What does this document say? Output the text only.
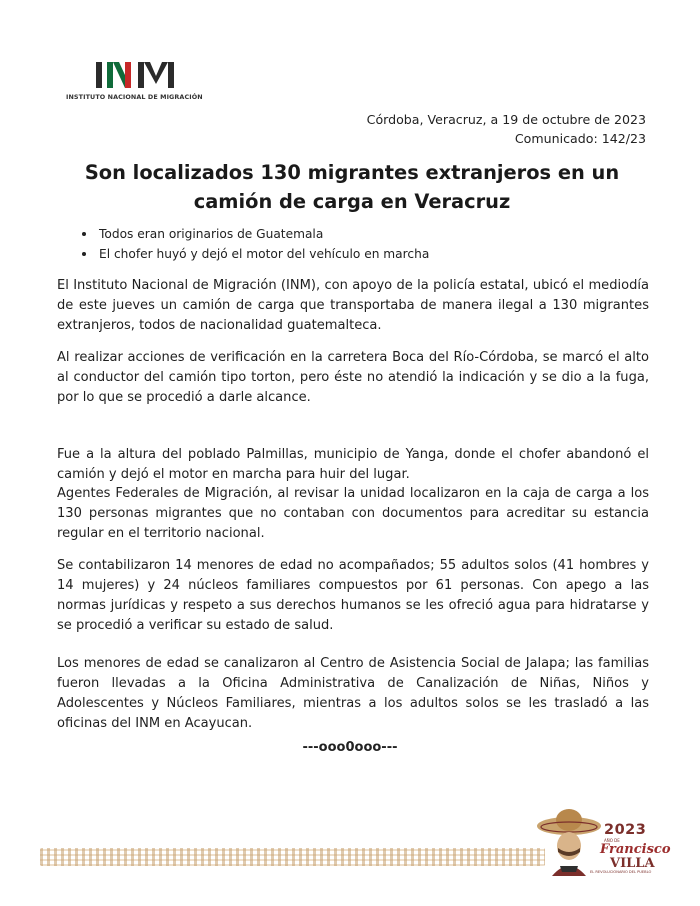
INSTITUTO NACIONAL DE MIGRACIÓN
Córdoba, Veracruz, a 19 de octubre de 2023
Comunicado: 142/23
Son localizados 130 migrantes extranjeros en un camión de carga en Veracruz
Todos eran originarios de Guatemala
El chofer huyó y dejó el motor del vehículo en marcha

El Instituto Nacional de Migración (INM), con apoyo de la policía estatal, ubicó el mediodía de este jueves un camión de carga que transportaba de manera ilegal a 130 migrantes extranjeros, todos de nacionalidad guatemalteca.

Al realizar acciones de verificación en la carretera Boca del Río-Córdoba, se marcó el alto al conductor del camión tipo torton, pero éste no atendió la indicación y se dio a la fuga, por lo que se procedió a darle alcance.

Fue a la altura del poblado Palmillas, municipio de Yanga, donde el chofer abandonó el camión y dejó el motor en marcha para huir del lugar.

Agentes Federales de Migración, al revisar la unidad localizaron en la caja de carga a los 130 personas migrantes que no contaban con documentos para acreditar su estancia regular en el territorio nacional.

Se contabilizaron 14 menores de edad no acompañados; 55 adultos solos (41 hombres y 14 mujeres) y 24 núcleos familiares compuestos por 61 personas. Con apego a las normas jurídicas y respeto a sus derechos humanos se les ofreció agua para hidratarse y se procedió a verificar su estado de salud.

Los menores de edad se canalizaron al Centro de Asistencia Social de Jalapa; las familias fueron llevadas a la Oficina Administrativa de Canalización de Niñas, Niños y Adolescentes y Núcleos Familiares, mientras a los adultos solos se les trasladó a las oficinas del INM en Acayucan.

---ooo0ooo---
2023
AÑO DE
Francisco
VILLA
EL REVOLUCIONARIO DEL PUEBLO
